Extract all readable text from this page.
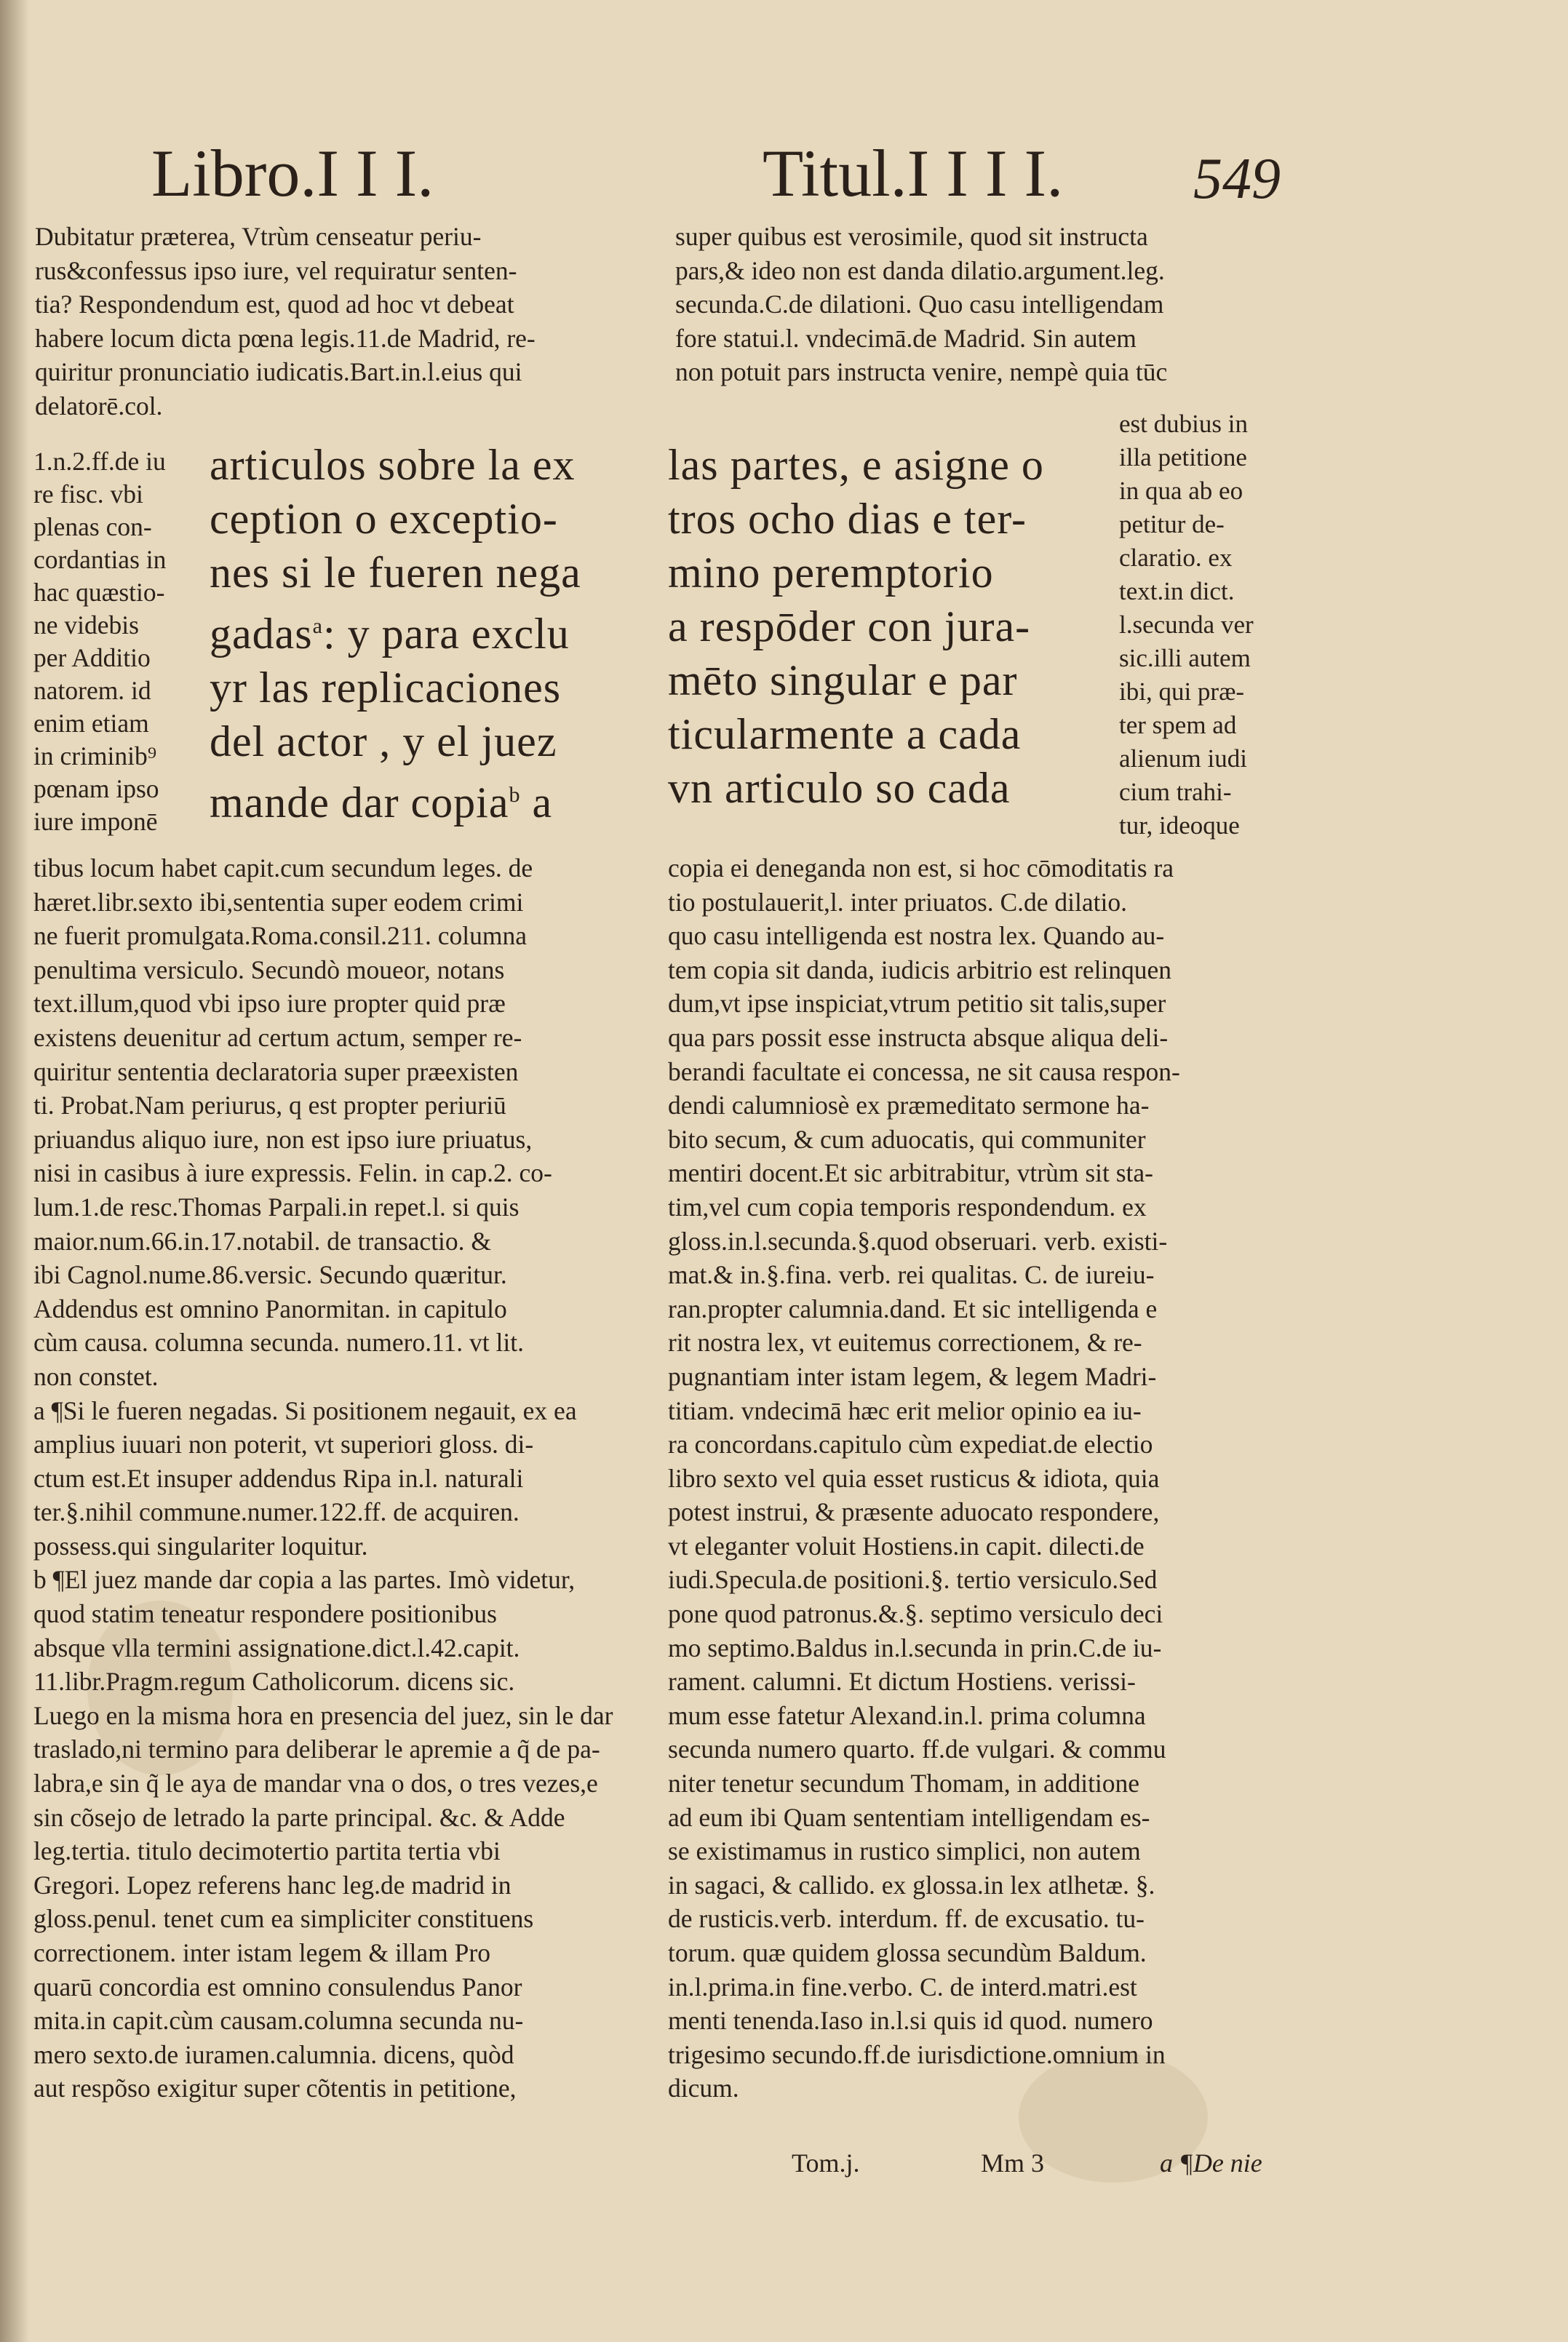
Libro.I I I.	Titul.I I I I. 549
Dubitatur præterea, Vtrùm censeatur periu-
rus&confessus ipso iure, vel requiratur senten-
tia? Respondendum est, quod ad hoc vt debeat
habere locum dicta pœna legis.11.de Madrid, re-
quiritur pronunciatio iudicatis.Bart.in.l.eius qui
delatorē.col.
1.n.2.ff.de iu
re fisc. vbi
plenas con-
cordantias in
hac quæstio-
ne videbis
per Additio
natorem. id
enim etiam
in criminib⁹
pœnam ipso
iure imponē
articulos sobre la ex
ception o exceptio-
nes si le fueren nega
gadas$^a$: y para exclu
yr las replicaciones
del actor , y el juez
mande dar copia$^b$ a
tibus locum habet capit.cum secundum leges. de
hæret.libr.sexto ibi,sententia super eodem crimi
ne fuerit promulgata.Roma.consil.211. columna
penultima versiculo. Secundò moueor, notans
text.illum,quod vbi ipso iure propter quid præ
existens deuenitur ad certum actum, semper re-
quiritur sententia declaratoria super præexisten
ti. Probat.Nam periurus, q est propter periuriū
priuandus aliquo iure, non est ipso iure priuatus,
nisi in casibus à iure expressis. Felin. in cap.2. co-
lum.1.de resc.Thomas Parpali.in repet.l. si quis
maior.num.66.in.17.notabil. de transactio. &
ibi Cagnol.nume.86.versic. Secundo quæritur.
Addendus est omnino Panormitan. in capitulo
cùm causa. columna secunda. numero.11. vt lit.
non constet.
a ¶Si le fueren negadas. Si positionem negauit, ex ea
amplius iuuari non poterit, vt superiori gloss. di-
ctum est.Et insuper addendus Ripa in.l. naturali
ter.§.nihil commune.numer.122.ff. de acquiren.
possess.qui singulariter loquitur.
b ¶El juez mande dar copia a las partes. Imò videtur,
quod statim teneatur respondere positionibus
absque vlla termini assignatione.dict.l.42.capit.
11.libr.Pragm.regum Catholicorum. dicens sic.
Luego en la misma hora en presencia del juez, sin le dar
traslado,ni termino para deliberar le apremie a q̃ de pa-
labra,e sin q̃ le aya de mandar vna o dos, o tres vezes,e
sin cõsejo de letrado la parte principal. &c. & Adde
leg.tertia. titulo decimotertio partita tertia vbi
Gregori. Lopez referens hanc leg.de madrid in
gloss.penul. tenet cum ea simpliciter constituens
correctionem. inter istam legem & illam Pro
quarū concordia est omnino consulendus Panor
mita.in capit.cùm causam.columna secunda nu-
mero sexto.de iuramen.calumnia. dicens, quòd
aut respõso exigitur super cõtentis in petitione,
super quibus est verosimile, quod sit instructa
pars,& ideo non est danda dilatio.argument.leg.
secunda.C.de dilationi. Quo casu intelligendam
fore statui.l. vndecimā.de Madrid. Sin autem
non potuit pars instructa venire, nempè quia tūc
las partes, e asigne o
tros ocho dias e ter-
mino peremptorio
a respōder con jura-
mēto singular e par
ticularmente a cada
vn articulo so cada
est dubius in
illa petitione
in qua ab eo
petitur de-
claratio. ex
text.in dict.
l.secunda ver
sic.illi autem
ibi, qui præ-
ter spem ad
alienum iudi
cium trahi-
tur, ideoque
copia ei deneganda non est, si hoc cōmoditatis ra
tio postulauerit,l. inter priuatos. C.de dilatio.
quo casu intelligenda est nostra lex. Quando au-
tem copia sit danda, iudicis arbitrio est relinquen
dum,vt ipse inspiciat,vtrum petitio sit talis,super
qua pars possit esse instructa absque aliqua deli-
berandi facultate ei concessa, ne sit causa respon-
dendi calumniosè ex præmeditato sermone ha-
bito secum, & cum aduocatis, qui communiter
mentiri docent.Et sic arbitrabitur, vtrùm sit sta-
tim,vel cum copia temporis respondendum. ex
gloss.in.l.secunda.§.quod obseruari. verb. existi-
mat.& in.§.fina. verb. rei qualitas. C. de iureiu-
ran.propter calumnia.dand. Et sic intelligenda e
rit nostra lex, vt euitemus correctionem, & re-
pugnantiam inter istam legem, & legem Madri-
titiam. vndecimā hæc erit melior opinio ea iu-
ra concordans.capitulo cùm expediat.de electio
libro sexto vel quia esset rusticus & idiota, quia
potest instrui, & præsente aduocato respondere,
vt eleganter voluit Hostiens.in capit. dilecti.de
iudi.Specula.de positioni.§. tertio versiculo.Sed
pone quod patronus.&.§. septimo versiculo deci
mo septimo.Baldus in.l.secunda in prin.C.de iu-
rament. calumni. Et dictum Hostiens. verissi-
mum esse fatetur Alexand.in.l. prima columna
secunda numero quarto. ff.de vulgari. & commu
niter tenetur secundum Thomam, in additione
ad eum ibi Quam sententiam intelligendam es-
se existimamus in rustico simplici, non autem
in sagaci, & callido. ex glossa.in lex atlhetæ. §.
de rusticis.verb. interdum. ff. de excusatio. tu-
torum. quæ quidem glossa secundùm Baldum.
in.l.prima.in fine.verbo. C. de interd.matri.est
menti tenenda.Iaso in.l.si quis id quod. numero
trigesimo secundo.ff.de iurisdictione.omnium in
dicum.
Tom.j.	Mm 3	a ¶De nie
